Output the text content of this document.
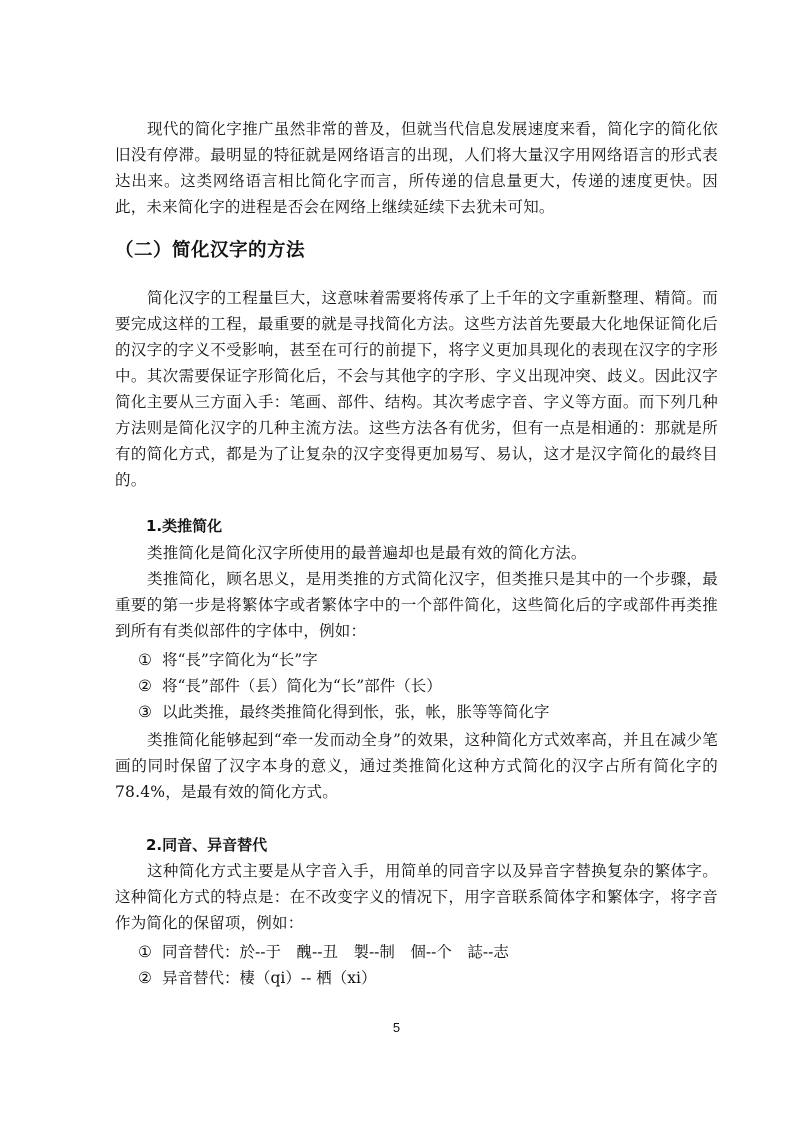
现代的简化字推广虽然非常的普及，但就当代信息发展速度来看，简化字的简化依旧没有停滞。最明显的特征就是网络语言的出现，人们将大量汉字用网络语言的形式表达出来。这类网络语言相比简化字而言，所传递的信息量更大，传递的速度更快。因此，未来简化字的进程是否会在网络上继续延续下去犹未可知。

（二）简化汉字的方法

简化汉字的工程量巨大，这意味着需要将传承了上千年的文字重新整理、精简。而要完成这样的工程，最重要的就是寻找简化方法。这些方法首先要最大化地保证简化后的汉字的字义不受影响，甚至在可行的前提下，将字义更加具现化的表现在汉字的字形中。其次需要保证字形简化后，不会与其他字的字形、字义出现冲突、歧义。因此汉字简化主要从三方面入手：笔画、部件、结构。其次考虑字音、字义等方面。而下列几种方法则是简化汉字的几种主流方法。这些方法各有优劣，但有一点是相通的：那就是所有的简化方式，都是为了让复杂的汉字变得更加易写、易认，这才是汉字简化的最终目的。

1.类推简化

类推简化是简化汉字所使用的最普遍却也是最有效的简化方法。

类推简化，顾名思义，是用类推的方式简化汉字，但类推只是其中的一个步骤，最重要的第一步是将繁体字或者繁体字中的一个部件简化，这些简化后的字或部件再类推到所有有类似部件的字体中，例如：

① 将“長”字简化为“长”字
② 将“長”部件（镸）简化为“长”部件（长）
③ 以此类推，最终类推简化得到怅，张，帐，胀等等简化字

类推简化能够起到“牵一发而动全身”的效果，这种简化方式效率高，并且在减少笔画的同时保留了汉字本身的意义，通过类推简化这种方式简化的汉字占所有简化字的 78.4%，是最有效的简化方式。

2.同音、异音替代

这种简化方式主要是从字音入手，用简单的同音字以及异音字替换复杂的繁体字。这种简化方式的特点是：在不改变字义的情况下，用字音联系简体字和繁体字，将字音作为简化的保留项，例如：

① 同音替代：於--于　醜--丑　製--制　個--个　誌--志
② 异音替代：棲（qi）-- 栖（xi）
5
